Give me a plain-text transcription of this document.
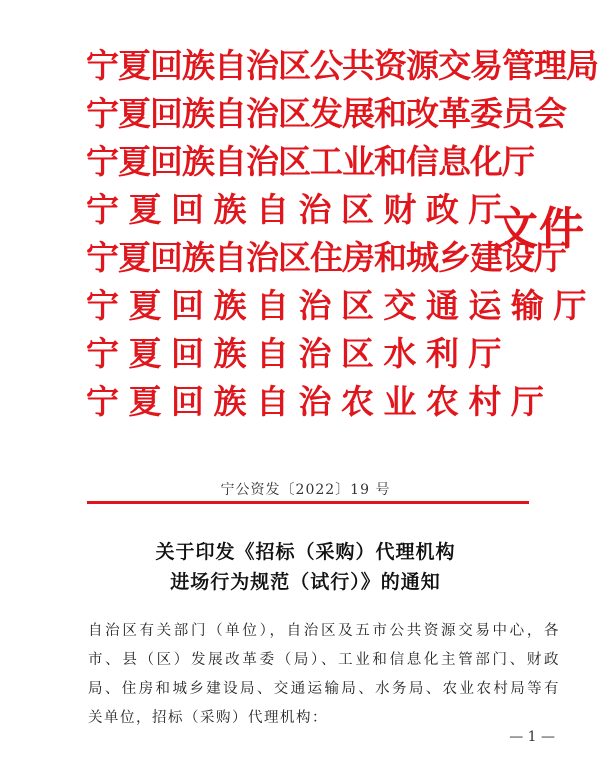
宁夏回族自治区公共资源交易管理局
宁夏回族自治区发展和改革委员会
宁夏回族自治区工业和信息化厅
宁 夏 回 族 自 治 区 财 政 厅
宁夏回族自治区住房和城乡建设厅
宁 夏 回 族 自 治 区 交 通 运 输 厅
宁 夏 回 族 自 治 区 水 利 厅
宁 夏 回 族 自 治 农 业 农 村 厅
文件
宁公资发〔2022〕19 号
关于印发《招标（采购）代理机构
进场行为规范（试行）》的通知
自治区有关部门（单位），自治区及五市公共资源交易中心，各
市、县（区）发展改革委（局）、工业和信息化主管部门、财政
局、住房和城乡建设局、交通运输局、水务局、农业农村局等有
关单位，招标（采购）代理机构：
— 1 —
